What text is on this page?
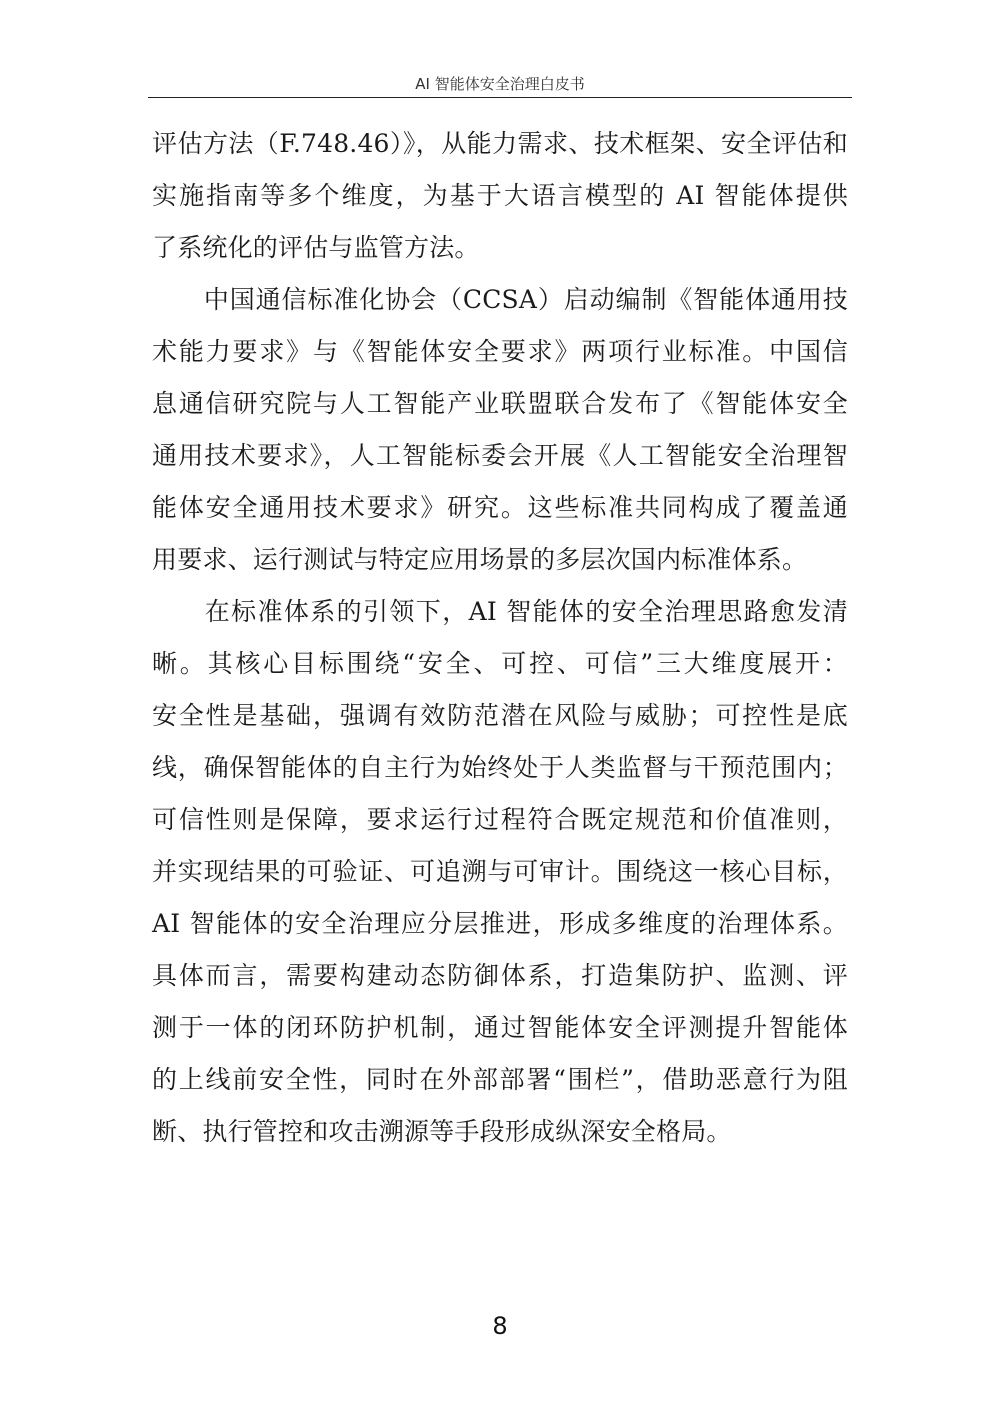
AI 智能体安全治理白皮书
评估方法（F.748.46）》，从能力需求、技术框架、安全评估和
实施指南等多个维度，为基于大语言模型的 AI 智能体提供
了系统化的评估与监管方法。
　　中国通信标准化协会（CCSA）启动编制《智能体通用技
术能力要求》与《智能体安全要求》两项行业标准。中国信
息通信研究院与人工智能产业联盟联合发布了《智能体安全
通用技术要求》，人工智能标委会开展《人工智能安全治理智
能体安全通用技术要求》研究。这些标准共同构成了覆盖通
用要求、运行测试与特定应用场景的多层次国内标准体系。
　　在标准体系的引领下，AI 智能体的安全治理思路愈发清
晰。其核心目标围绕“安全、可控、可信”三大维度展开：
安全性是基础，强调有效防范潜在风险与威胁；可控性是底
线，确保智能体的自主行为始终处于人类监督与干预范围内；
可信性则是保障，要求运行过程符合既定规范和价值准则，
并实现结果的可验证、可追溯与可审计。围绕这一核心目标，
AI 智能体的安全治理应分层推进，形成多维度的治理体系。
具体而言，需要构建动态防御体系，打造集防护、监测、评
测于一体的闭环防护机制，通过智能体安全评测提升智能体
的上线前安全性，同时在外部部署“围栏”，借助恶意行为阻
断、执行管控和攻击溯源等手段形成纵深安全格局。
8
